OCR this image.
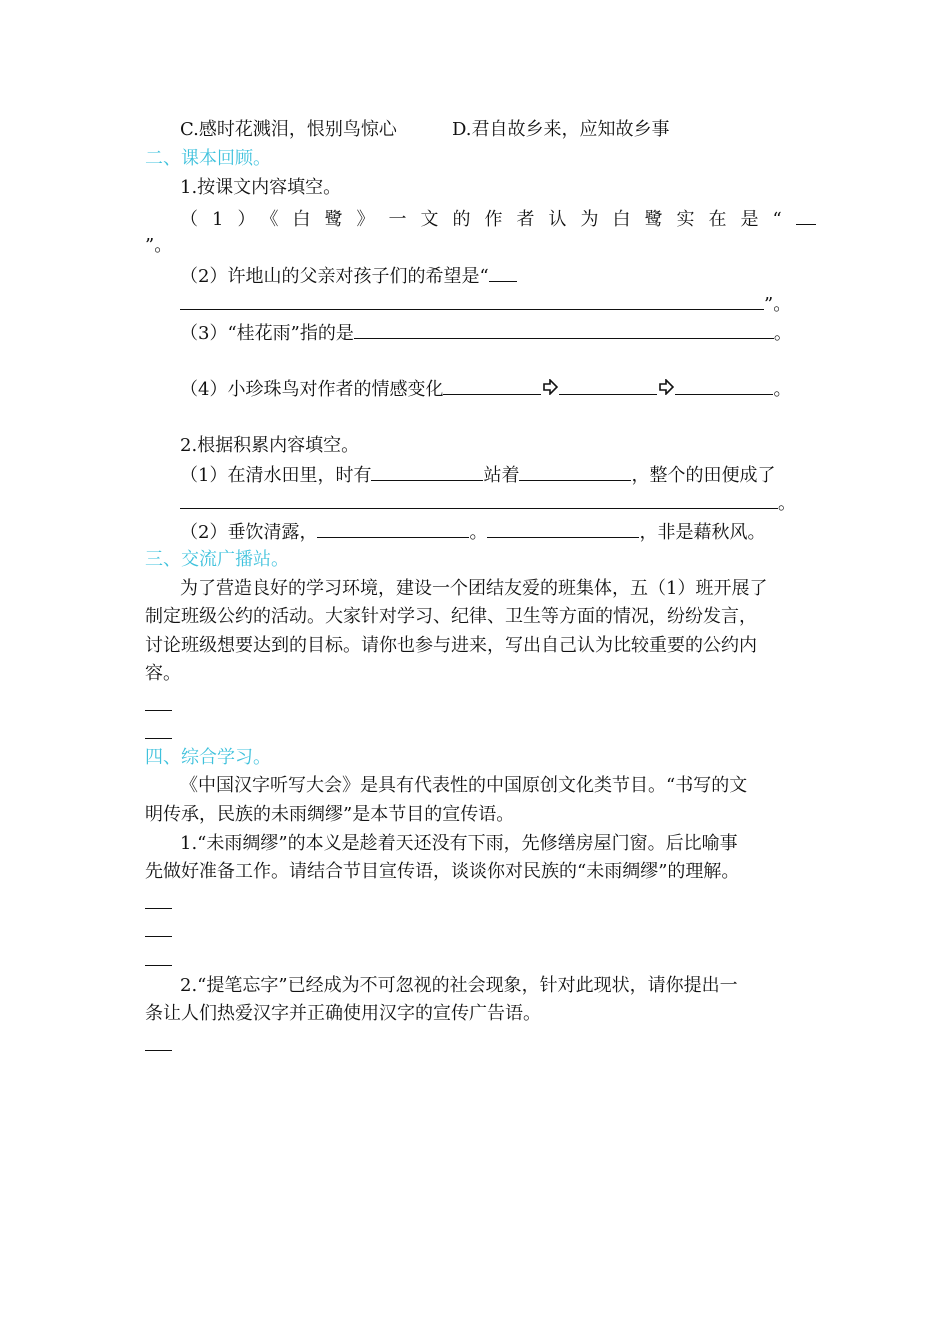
C.感时花溅泪，恨别鸟惊心	D.君自故乡来，应知故乡事
二、课本回顾。
1.按课文内容填空。
（1）《白鹭》一文的作者认为白鹭实在是“
”。
（2）许地山的父亲对孩子们的希望是“
”。
（3）“桂花雨”指的是	。
（4）小珍珠鸟对作者的情感变化	。
2.根据积累内容填空。
（1）在清水田里，时有	站着	，整个的田便成了
。
（2）垂饮清露，	。	，非是藉秋风。
三、交流广播站。
为了营造良好的学习环境，建设一个团结友爱的班集体，五（1）班开展了
制定班级公约的活动。大家针对学习、纪律、卫生等方面的情况，纷纷发言，
讨论班级想要达到的目标。请你也参与进来，写出自己认为比较重要的公约内
容。
四、综合学习。
《中国汉字听写大会》是具有代表性的中国原创文化类节目。“书写的文
明传承，民族的未雨绸缪”是本节目的宣传语。
1.“未雨绸缪”的本义是趁着天还没有下雨，先修缮房屋门窗。后比喻事
先做好准备工作。请结合节目宣传语，谈谈你对民族的“未雨绸缪”的理解。
2.“提笔忘字”已经成为不可忽视的社会现象，针对此现状，请你提出一
条让人们热爱汉字并正确使用汉字的宣传广告语。
